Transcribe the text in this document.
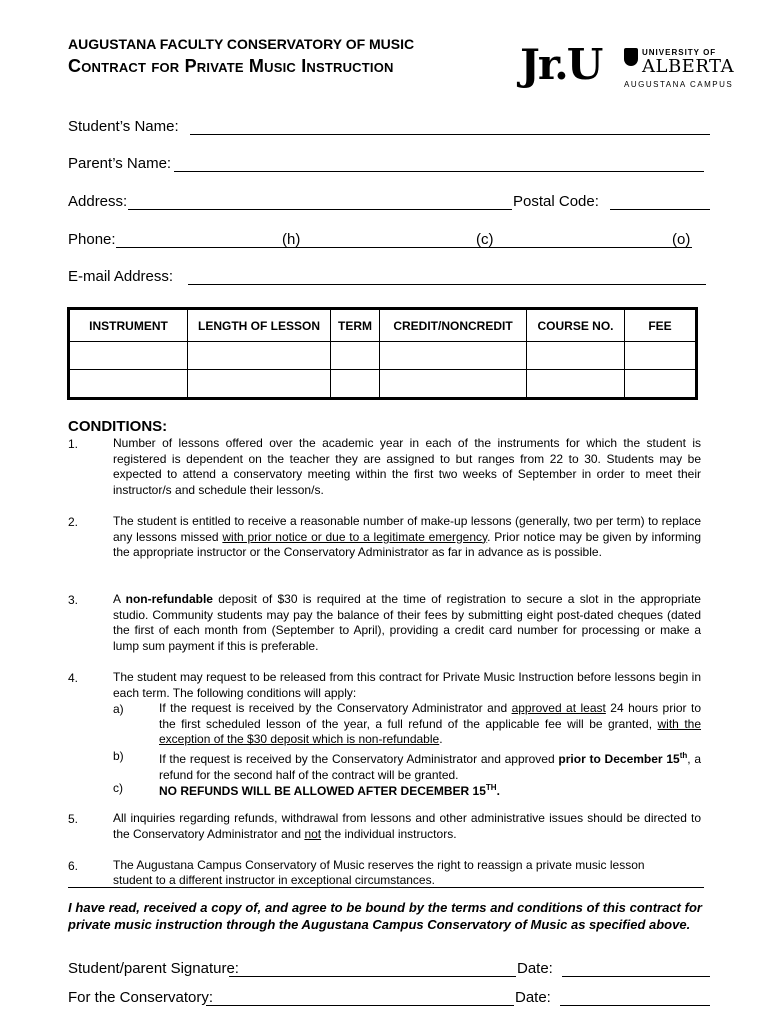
AUGUSTANA FACULTY CONSERVATORY OF MUSIC
Contract for Private Music Instruction	Jr.U	UNIVERSITY OF
ALBERTA
AUGUSTANA CAMPUS
Student’s Name:
Parent’s Name:
Address:	Postal Code:
Phone:	(h)	(c)	(o)
E-mail Address:
INSTRUMENT	LENGTH OF LESSON	TERM	CREDIT/NONCREDIT	COURSE NO.	FEE

CONDITIONS:
1.	Number of lessons offered over the academic year in each of the instruments for which the student is registered is dependent on the teacher they are assigned to but ranges from 22 to 30. Students may be expected to attend a conservatory meeting within the first two weeks of September in order to meet their instructor/s and schedule their lesson/s.
2.	The student is entitled to receive a reasonable number of make-up lessons (generally, two per term) to replace any lessons missed with prior notice or due to a legitimate emergency. Prior notice may be given by informing the appropriate instructor or the Conservatory Administrator as far in advance as is possible.
3.	A non-refundable deposit of $30 is required at the time of registration to secure a slot in the appropriate studio. Community students may pay the balance of their fees by submitting eight post-dated cheques (dated the first of each month from (September to April), providing a credit card number for processing or make a lump sum payment if this is preferable.
4.	The student may request to be released from this contract for Private Music Instruction before lessons begin in each term. The following conditions will apply:
a)	If the request is received by the Conservatory Administrator and approved at least 24 hours prior to the first scheduled lesson of the year, a full refund of the applicable fee will be granted, with the exception of the $30 deposit which is non-refundable.
b)	If the request is received by the Conservatory Administrator and approved prior to December 15th, a refund for the second half of the contract will be granted.
c)	NO REFUNDS WILL BE ALLOWED AFTER DECEMBER 15TH.
5.	All inquiries regarding refunds, withdrawal from lessons and other administrative issues should be directed to the Conservatory Administrator and not the individual instructors.
6.	The Augustana Campus Conservatory of Music reserves the right to reassign a private music lesson
student to a different instructor in exceptional circumstances.
I have read, received a copy of, and agree to be bound by the terms and conditions of this contract for private music instruction through the Augustana Campus Conservatory of Music as specified above.
Student/parent Signature:	Date:
For the Conservatory:	Date:
